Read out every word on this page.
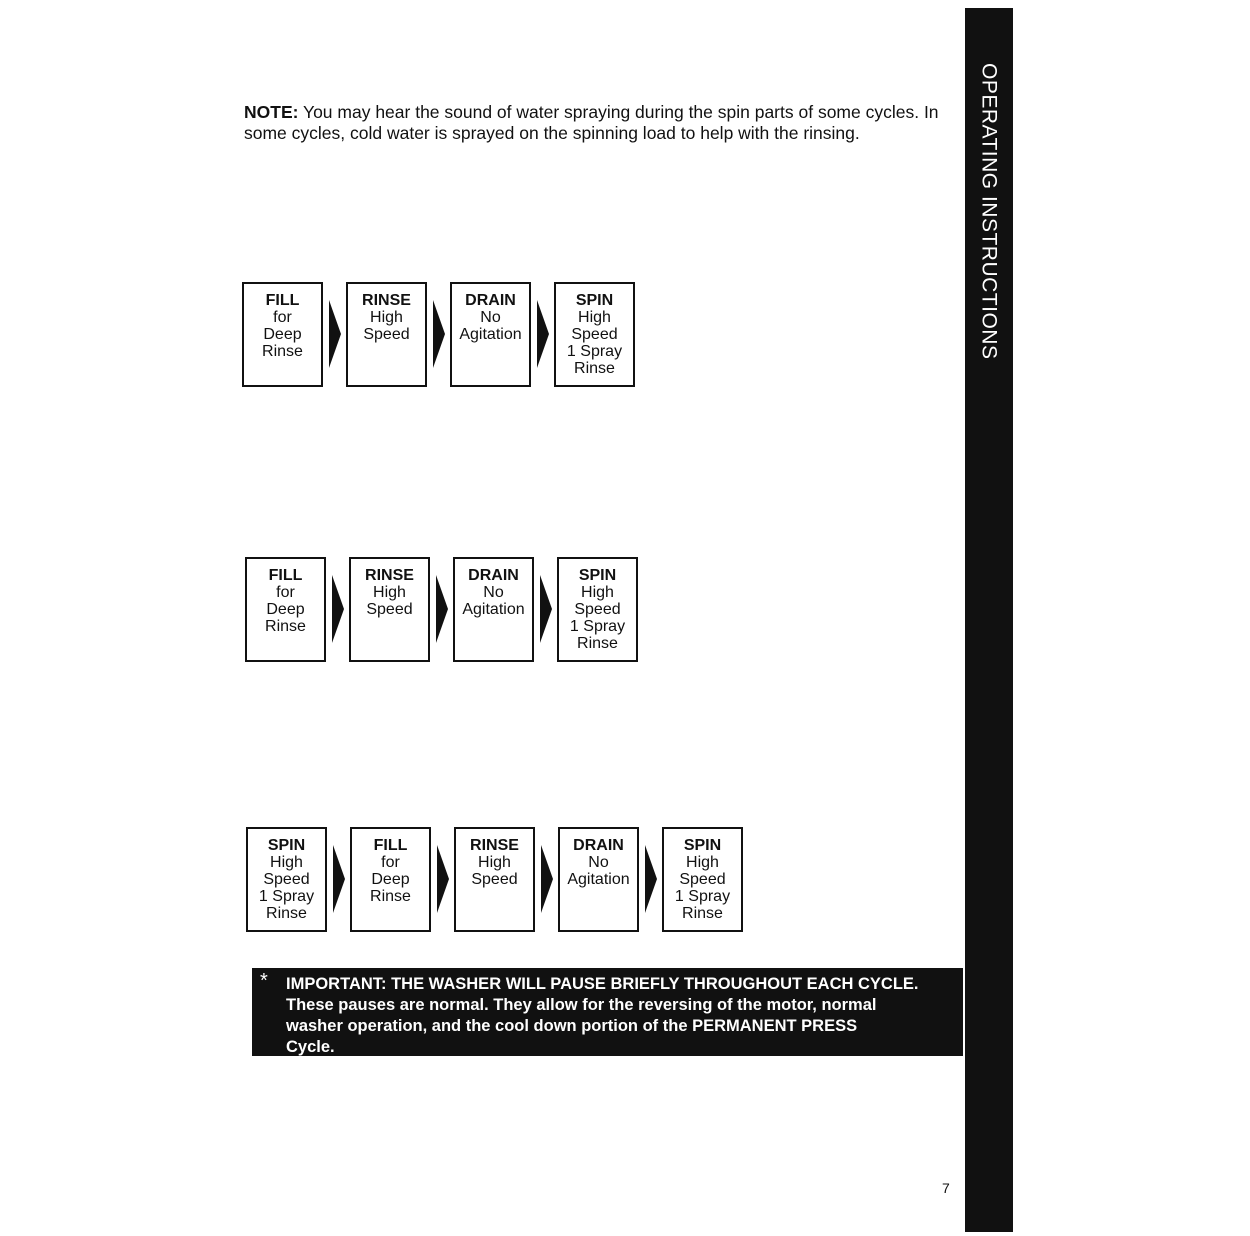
OPERATING INSTRUCTIONS
NOTE: You may hear the sound of water spraying during the spin parts of some cycles. In some cycles, cold water is sprayed on the spinning load to help with the rinsing.
FILL
for
Deep
Rinse
RINSE
High
Speed
DRAIN
No
Agitation
SPIN
High
Speed
1 Spray
Rinse
FILL
for
Deep
Rinse
RINSE
High
Speed
DRAIN
No
Agitation
SPIN
High
Speed
1 Spray
Rinse
SPIN
High
Speed
1 Spray
Rinse
FILL
for
Deep
Rinse
RINSE
High
Speed
DRAIN
No
Agitation
SPIN
High
Speed
1 Spray
Rinse
* IMPORTANT: THE WASHER WILL PAUSE BRIEFLY THROUGHOUT EACH CYCLE.
These pauses are normal. They allow for the reversing of the motor, normal
washer operation, and the cool down portion of the PERMANENT PRESS
Cycle.
7
